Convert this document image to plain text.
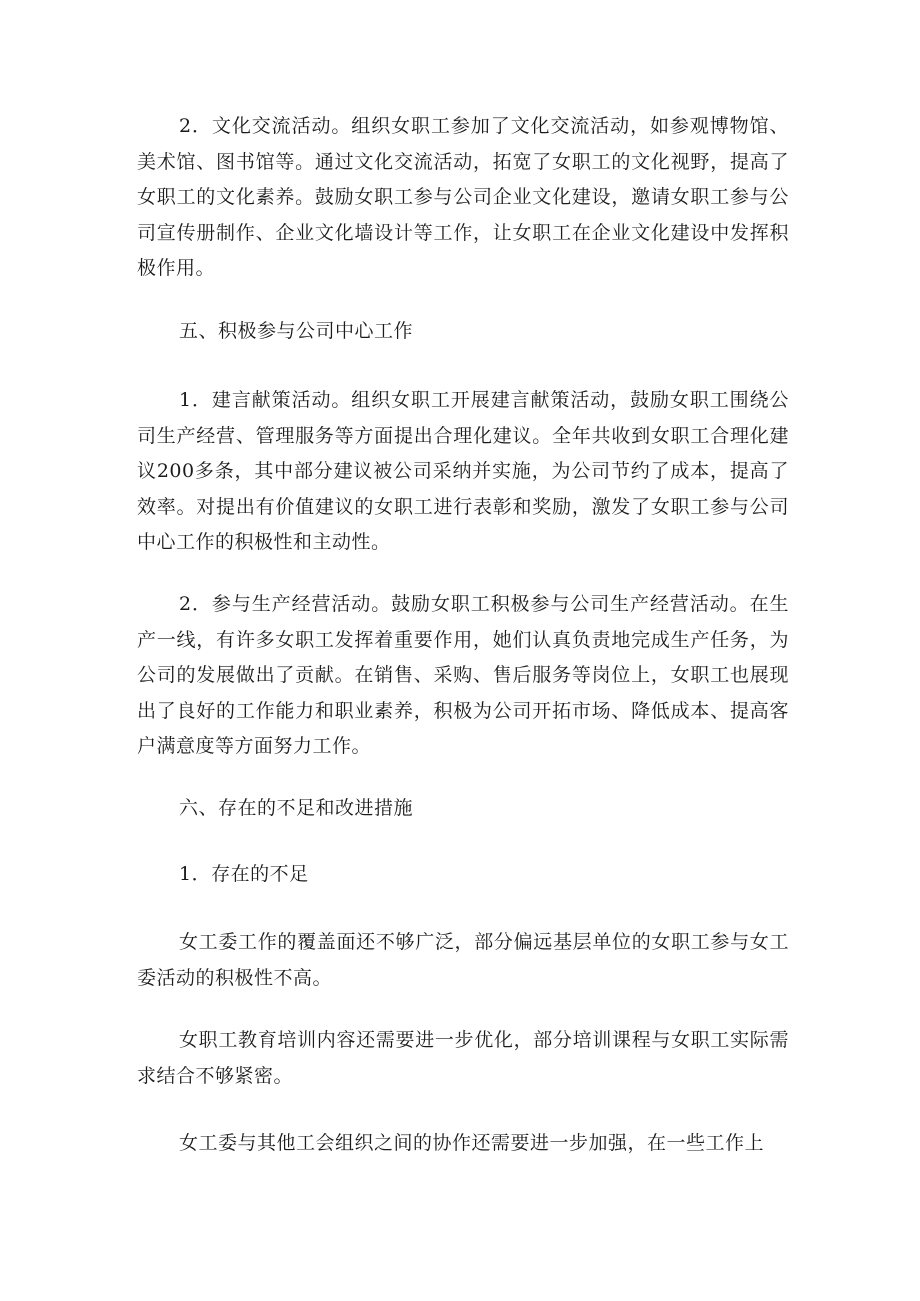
2．文化交流活动。组织女职工参加了文化交流活动，如参观博物馆、美术馆、图书馆等。通过文化交流活动，拓宽了女职工的文化视野，提高了女职工的文化素养。鼓励女职工参与公司企业文化建设，邀请女职工参与公司宣传册制作、企业文化墙设计等工作，让女职工在企业文化建设中发挥积极作用。

五、积极参与公司中心工作

1．建言献策活动。组织女职工开展建言献策活动，鼓励女职工围绕公司生产经营、管理服务等方面提出合理化建议。全年共收到女职工合理化建议200多条，其中部分建议被公司采纳并实施，为公司节约了成本，提高了效率。对提出有价值建议的女职工进行表彰和奖励，激发了女职工参与公司中心工作的积极性和主动性。

2．参与生产经营活动。鼓励女职工积极参与公司生产经营活动。在生产一线，有许多女职工发挥着重要作用，她们认真负责地完成生产任务，为公司的发展做出了贡献。在销售、采购、售后服务等岗位上，女职工也展现出了良好的工作能力和职业素养，积极为公司开拓市场、降低成本、提高客户满意度等方面努力工作。

六、存在的不足和改进措施

1．存在的不足

女工委工作的覆盖面还不够广泛，部分偏远基层单位的女职工参与女工委活动的积极性不高。

女职工教育培训内容还需要进一步优化，部分培训课程与女职工实际需求结合不够紧密。

女工委与其他工会组织之间的协作还需要进一步加强，在一些工作上
